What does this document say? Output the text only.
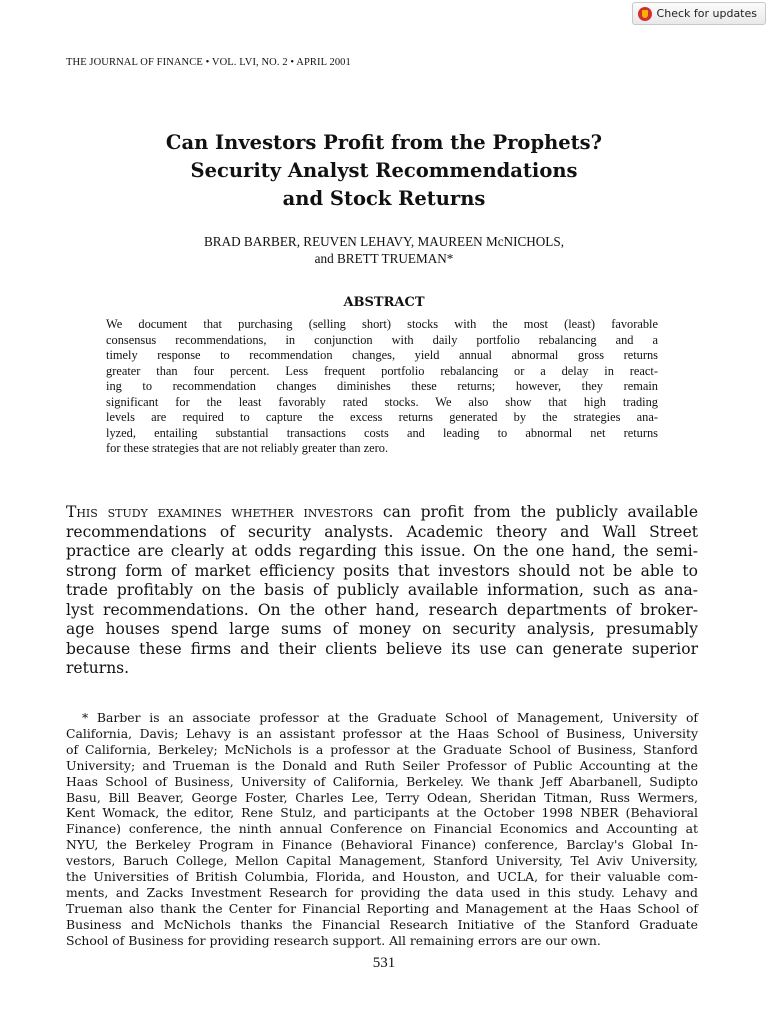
Check for updates
THE JOURNAL OF FINANCE • VOL. LVI, NO. 2 • APRIL 2001
Can Investors Profit from the Prophets?
Security Analyst Recommendations
and Stock Returns
BRAD BARBER, REUVEN LEHAVY, MAUREEN McNICHOLS,
and BRETT TRUEMAN*
ABSTRACT
We document that purchasing (selling short) stocks with the most (least) favorable
consensus recommendations, in conjunction with daily portfolio rebalancing and a
timely response to recommendation changes, yield annual abnormal gross returns
greater than four percent. Less frequent portfolio rebalancing or a delay in react-
ing to recommendation changes diminishes these returns; however, they remain
significant for the least favorably rated stocks. We also show that high trading
levels are required to capture the excess returns generated by the strategies ana-
lyzed, entailing substantial transactions costs and leading to abnormal net returns
for these strategies that are not reliably greater than zero.
This study examines whether investors can profit from the publicly available
recommendations of security analysts. Academic theory and Wall Street
practice are clearly at odds regarding this issue. On the one hand, the semi-
strong form of market efficiency posits that investors should not be able to
trade profitably on the basis of publicly available information, such as ana-
lyst recommendations. On the other hand, research departments of broker-
age houses spend large sums of money on security analysis, presumably
because these firms and their clients believe its use can generate superior
returns.
* Barber is an associate professor at the Graduate School of Management, University of
California, Davis; Lehavy is an assistant professor at the Haas School of Business, University
of California, Berkeley; McNichols is a professor at the Graduate School of Business, Stanford
University; and Trueman is the Donald and Ruth Seiler Professor of Public Accounting at the
Haas School of Business, University of California, Berkeley. We thank Jeff Abarbanell, Sudipto
Basu, Bill Beaver, George Foster, Charles Lee, Terry Odean, Sheridan Titman, Russ Wermers,
Kent Womack, the editor, Rene Stulz, and participants at the October 1998 NBER (Behavioral
Finance) conference, the ninth annual Conference on Financial Economics and Accounting at
NYU, the Berkeley Program in Finance (Behavioral Finance) conference, Barclay's Global In-
vestors, Baruch College, Mellon Capital Management, Stanford University, Tel Aviv University,
the Universities of British Columbia, Florida, and Houston, and UCLA, for their valuable com-
ments, and Zacks Investment Research for providing the data used in this study. Lehavy and
Trueman also thank the Center for Financial Reporting and Management at the Haas School of
Business and McNichols thanks the Financial Research Initiative of the Stanford Graduate
School of Business for providing research support. All remaining errors are our own.
531
